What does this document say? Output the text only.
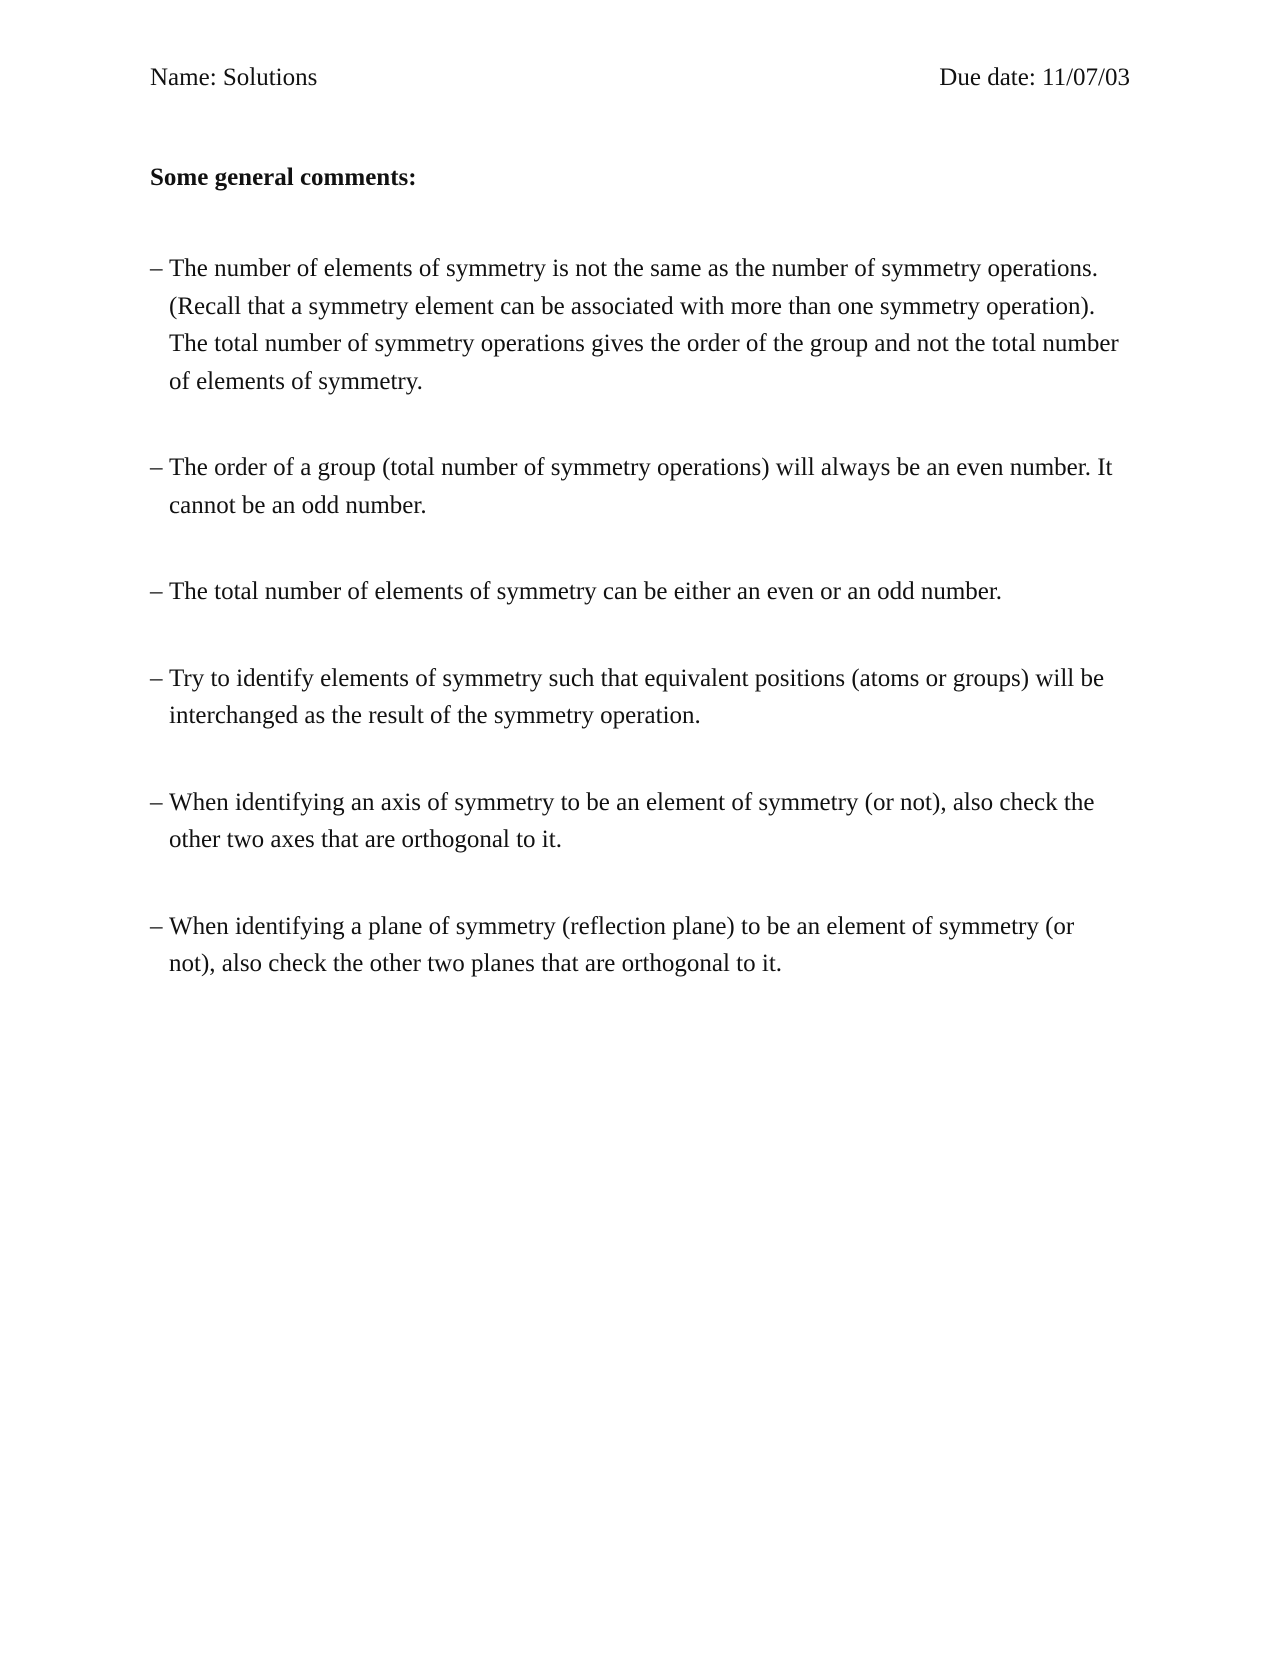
Name: Solutions	Due date: 11/07/03
Some general comments:
– The number of elements of symmetry is not the same as the number of symmetry operations.
(Recall that a symmetry element can be associated with more than one symmetry operation).
The total number of symmetry operations gives the order of the group and not the total number
of elements of symmetry.
– The order of a group (total number of symmetry operations) will always be an even number. It
cannot be an odd number.
– The total number of elements of symmetry can be either an even or an odd number.
– Try to identify elements of symmetry such that equivalent positions (atoms or groups) will be
interchanged as the result of the symmetry operation.
– When identifying an axis of symmetry to be an element of symmetry (or not), also check the
other two axes that are orthogonal to it.
– When identifying a plane of symmetry (reflection plane) to be an element of symmetry (or
not), also check the other two planes that are orthogonal to it.
